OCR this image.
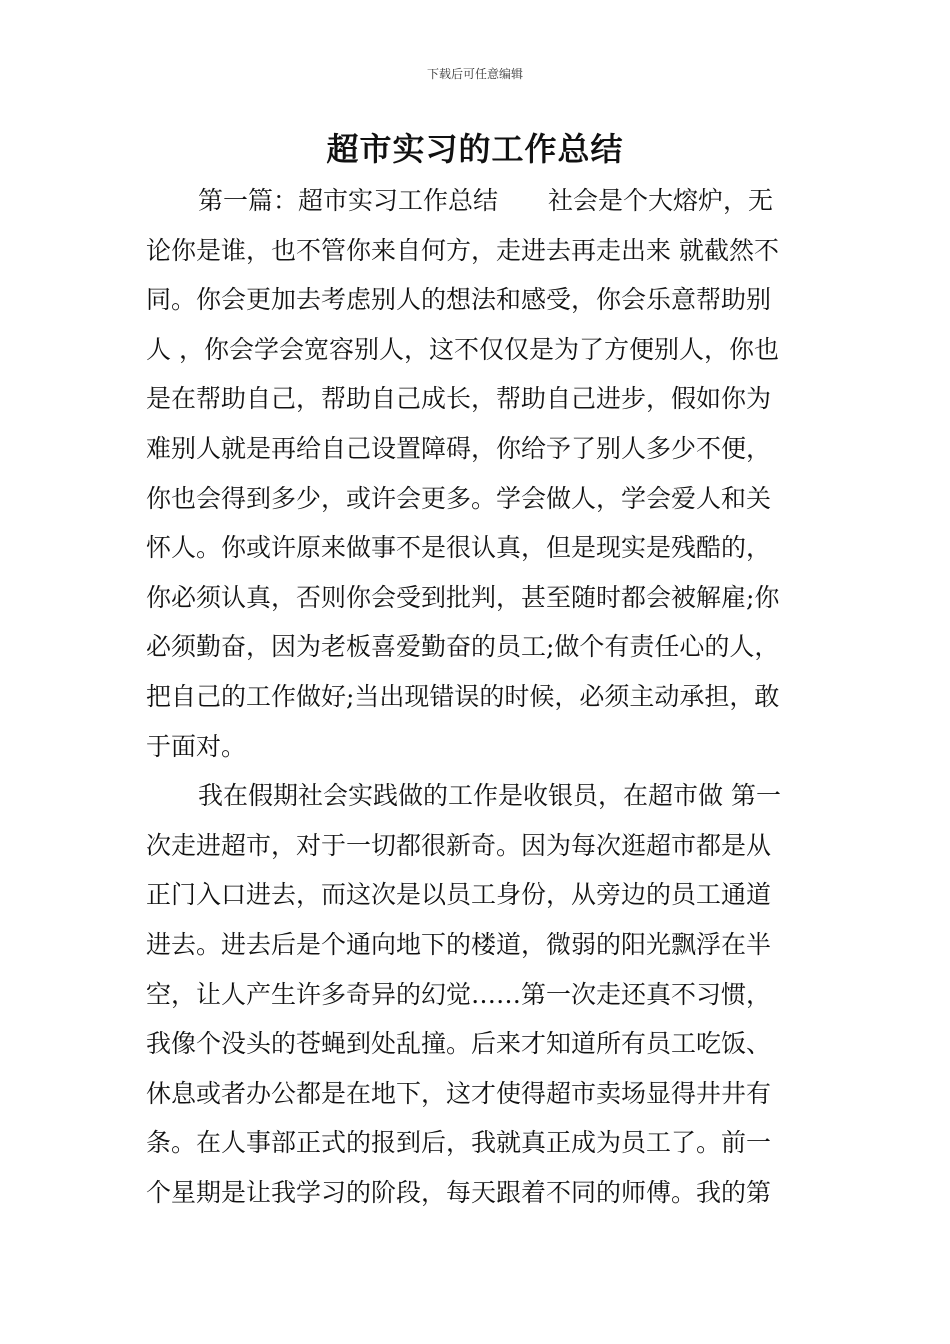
下载后可任意编辑
超市实习的工作总结
第一篇：超市实习工作总结　　社会是个大熔炉，无
论你是谁，也不管你来自何方，走进去再走出来 就截然不
同。你会更加去考虑别人的想法和感受，你会乐意帮助别
人 ，你会学会宽容别人，这不仅仅是为了方便别人，你也
是在帮助自己，帮助自己成长，帮助自己进步，假如你为
难别人就是再给自己设置障碍，你给予了别人多少不便，
你也会得到多少，或许会更多。学会做人，学会爱人和关
怀人。你或许原来做事不是很认真，但是现实是残酷的，
你必须认真，否则你会受到批判，甚至随时都会被解雇;你
必须勤奋，因为老板喜爱勤奋的员工;做个有责任心的人，
把自己的工作做好;当出现错误的时候，必须主动承担，敢
于面对。
我在假期社会实践做的工作是收银员，在超市做 第一
次走进超市，对于一切都很新奇。因为每次逛超市都是从
正门入口进去，而这次是以员工身份，从旁边的员工通道
进去。进去后是个通向地下的楼道，微弱的阳光飘浮在半
空，让人产生许多奇异的幻觉……第一次走还真不习惯，
我像个没头的苍蝇到处乱撞。后来才知道所有员工吃饭、
休息或者办公都是在地下，这才使得超市卖场显得井井有
条。在人事部正式的报到后，我就真正成为员工了。前一
个星期是让我学习的阶段，每天跟着不同的师傅。我的第
